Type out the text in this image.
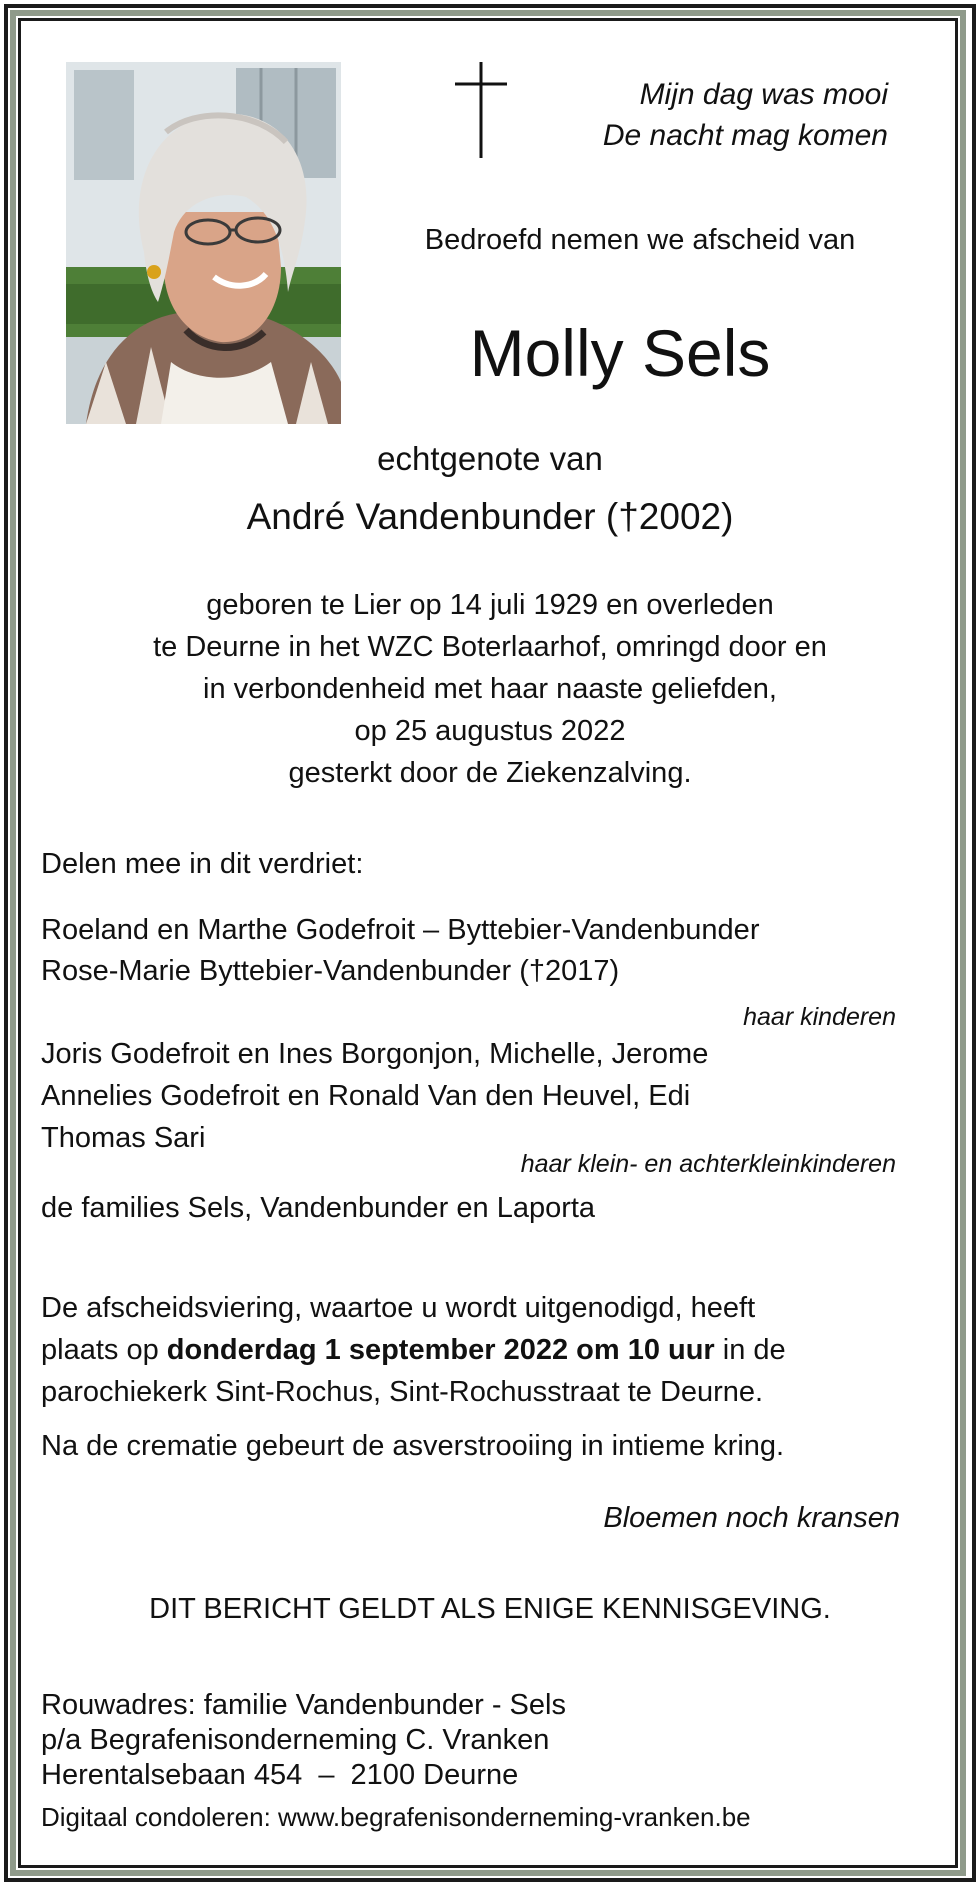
Mijn dag was mooi
De nacht mag komen
Bedroefd nemen we afscheid van
Molly Sels
echtgenote van
André Vandenbunder (†2002)
geboren te Lier op 14 juli 1929 en overleden
te Deurne in het WZC Boterlaarhof, omringd door en
in verbondenheid met haar naaste geliefden,
op 25 augustus 2022
gesterkt door de Ziekenzalving.
Delen mee in dit verdriet:
Roeland en Marthe Godefroit – Byttebier-Vandenbunder
Rose-Marie Byttebier-Vandenbunder (†2017)
haar kinderen
Joris Godefroit en Ines Borgonjon, Michelle, Jerome
Annelies Godefroit en Ronald Van den Heuvel, Edi
Thomas Sari
haar klein- en achterkleinkinderen
de families Sels, Vandenbunder en Laporta
De afscheidsviering, waartoe u wordt uitgenodigd, heeft
plaats op donderdag 1 september 2022 om 10 uur in de
parochiekerk Sint-Rochus, Sint-Rochusstraat te Deurne.
Na de crematie gebeurt de asverstrooiing in intieme kring.
Bloemen noch kransen
DIT BERICHT GELDT ALS ENIGE KENNISGEVING.
Rouwadres: familie Vandenbunder - Sels
p/a Begrafenisonderneming C. Vranken
Herentalsebaan 454  –  2100 Deurne
Digitaal condoleren: www.begrafenisonderneming-vranken.be
